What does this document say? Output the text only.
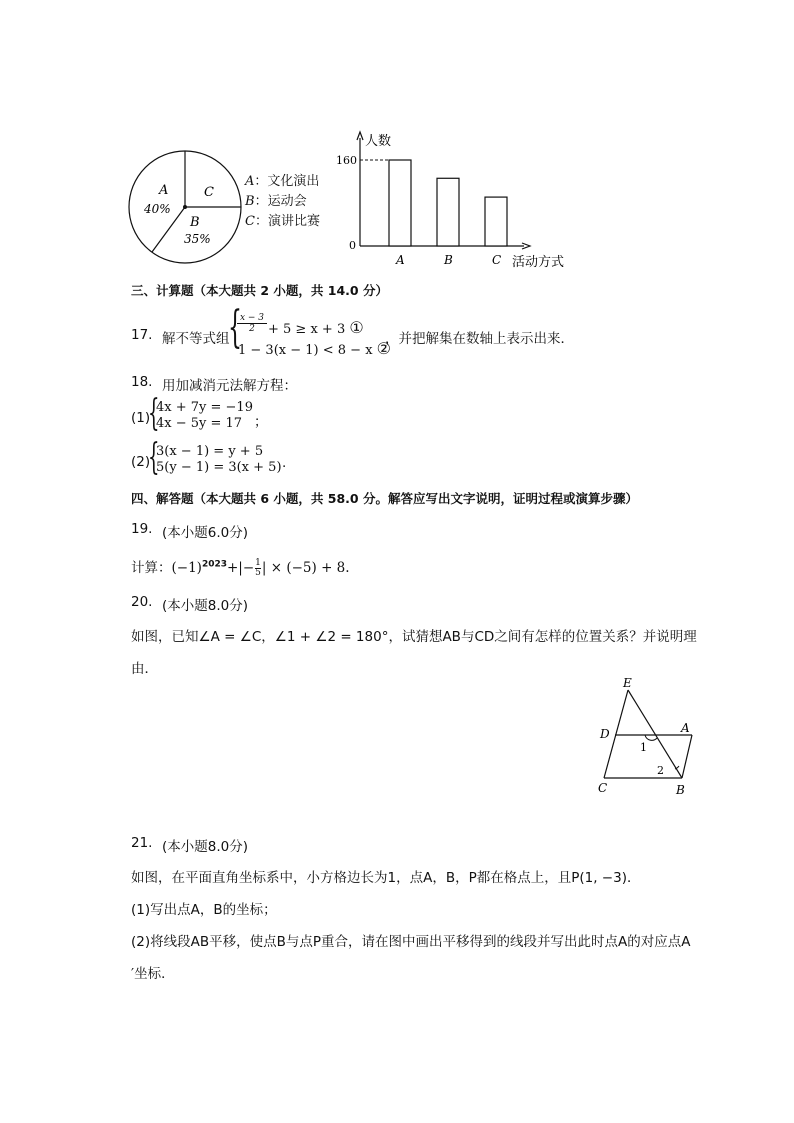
A
40%
C
B
35%
A：文化演出
B：运动会
C：演讲比赛
人数
活动方式
160
0
A	B	C
三、计算题（本大题共 2 小题，共 14.0 分）
17. 解不等式组
{
$\frac{x - 3}{2} + 5 \ge x + 3$ ①
1 − 3(x − 1) < 8 − x ②
，并把解集在数轴上表示出来．
18. 用加减消元法解方程：
(1)
{
4x + 7y = −19
4x − 5y = 17 ；
(2)
{
3(x − 1) = y + 5
5(y − 1) = 3(x + 5) .
四、解答题（本大题共 6 小题，共 58.0 分。解答应写出文字说明，证明过程或演算步骤）
19. (本小题6.0分)
计算：$(-1)^{2023}+|- \frac{1}{5}$ | × (−5) + 8.
20. (本小题8.0分)
如图，已知∠A = ∠C，∠1 + ∠2 = 180°，试猜想AB与CD之间有怎样的位置关系？并说明理
由．
E
D	A
C	B
1
2
21. (本小题8.0分)
如图，在平面直角坐标系中，小方格边长为1，点A，B，P都在格点上，且P(1, −3)．
(1)写出点A，B的坐标；
(2)将线段AB平移，使点B与点P重合，请在图中画出平移得到的线段并写出此时点A的对应点A
′坐标．
